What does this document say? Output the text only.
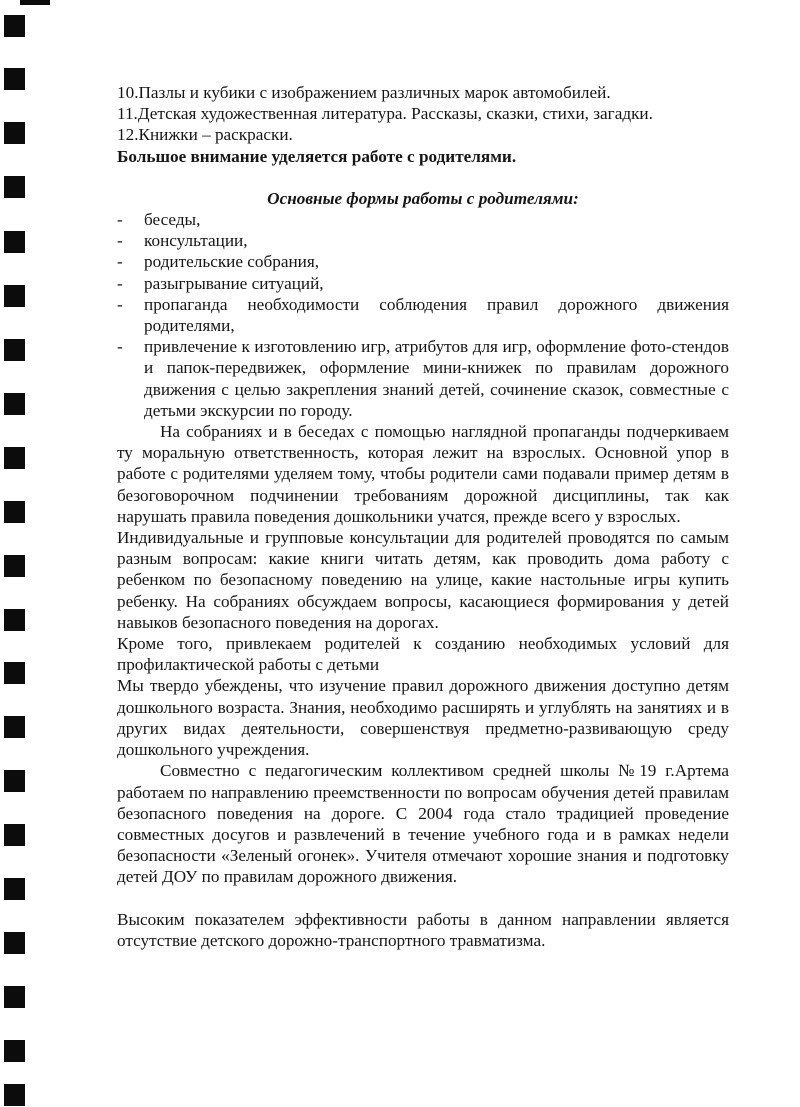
10.Пазлы и кубики с изображением различных марок автомобилей.

11.Детская художественная литература. Рассказы, сказки, стихи, загадки.

12.Книжки – раскраски.

Большое внимание уделяется работе с родителями.

Основные формы работы с родителями:

- беседы,
- консультации,
- родительские собрания,
- разыгрывание ситуаций,
- пропаганда необходимости соблюдения правил дорожного движения родителями,
- привлечение к изготовлению игр, атрибутов для игр, оформление фото-стендов и папок-передвижек, оформление мини-книжек по правилам дорожного движения с целью закрепления знаний детей, сочинение сказок, совместные с детьми экскурсии по городу.

На собраниях и в беседах с помощью наглядной пропаганды подчеркиваем ту моральную ответственность, которая лежит на взрослых. Основной упор в работе с родителями уделяем тому, чтобы родители сами подавали пример детям в безоговорочном подчинении требованиям дорожной дисциплины, так как нарушать правила поведения дошкольники учатся, прежде всего у взрослых.

Индивидуальные и групповые консультации для родителей проводятся по самым разным вопросам: какие книги читать детям, как проводить дома работу с ребенком по безопасному поведению на улице, какие настольные игры купить ребенку. На собраниях обсуждаем вопросы, касающиеся формирования у детей навыков безопасного поведения на дорогах.

Кроме того, привлекаем родителей к созданию необходимых условий для профилактической работы с детьми

Мы твердо убеждены, что изучение правил дорожного движения доступно детям дошкольного возраста. Знания, необходимо расширять и углублять на занятиях и в других видах деятельности, совершенствуя предметно-развивающую среду дошкольного учреждения.

Совместно с педагогическим коллективом средней школы №19 г.Артема работаем по направлению преемственности по вопросам обучения детей правилам безопасного поведения на дороге. С 2004 года стало традицией проведение совместных досугов и развлечений в течение учебного года и в рамках недели безопасности «Зеленый огонек». Учителя отмечают хорошие знания и подготовку детей ДОУ по правилам дорожного движения.

Высоким показателем эффективности работы в данном направлении является отсутствие детского дорожно-транспортного травматизма.
